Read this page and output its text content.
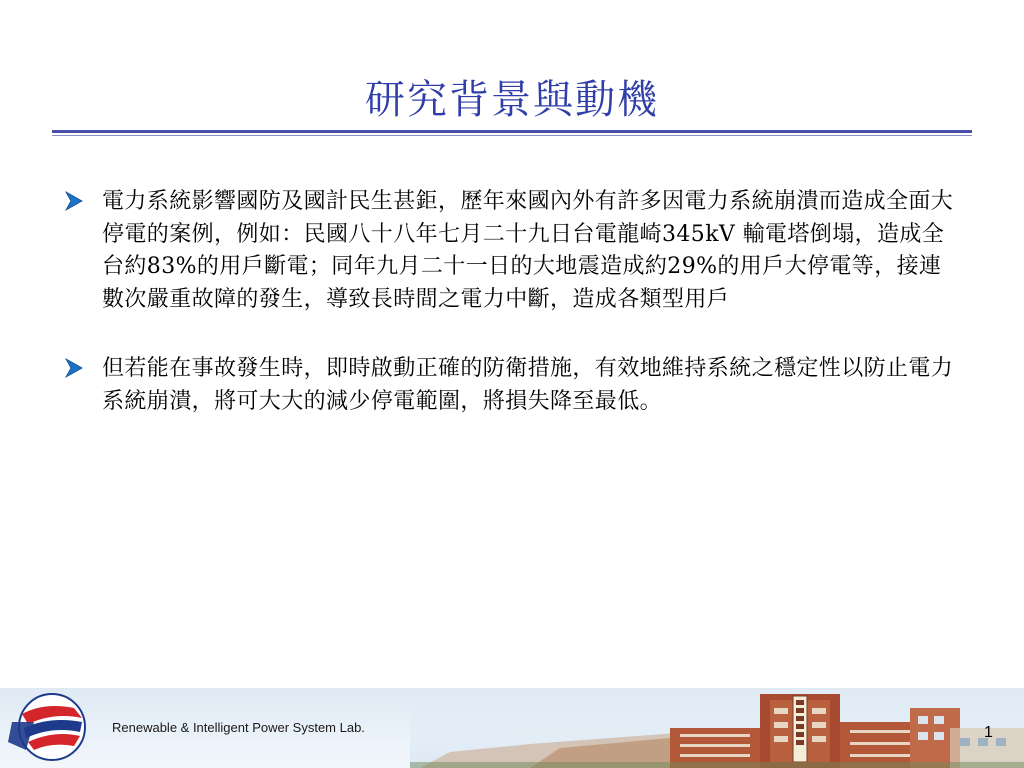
研究背景與動機
電力系統影響國防及國計民生甚鉅，歷年來國內外有許多因電力系統崩潰而造成全面大停電的案例，例如：民國八十八年七月二十九日台電龍崎345kV 輸電塔倒塌，造成全台約83%的用戶斷電；同年九月二十一日的大地震造成約29%的用戶大停電等，接連數次嚴重故障的發生，導致長時間之電力中斷，造成各類型用戶
但若能在事故發生時，即時啟動正確的防衛措施，有效地維持系統之穩定性以防止電力系統崩潰，將可大大的減少停電範圍，將損失降至最低。
Renewable & Intelligent Power System Lab.	1
